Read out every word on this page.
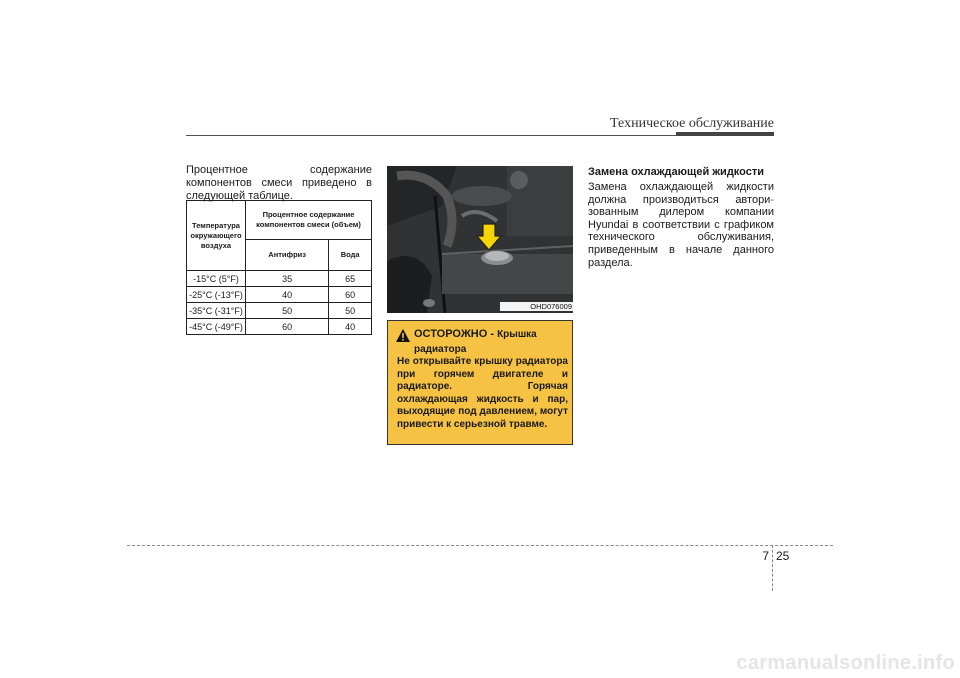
Техническое обслуживание
Процентное содержание компонентов смеси приведено в следующей таблице.
Температура окружающего воздуха	Процентное содержание компонентов смеси (объем)	
	Антифриз	Вода
-15°C (5°F)	35	65
-25°C (-13°F)	40	60
-35°C (-31°F)	50	50
-45°C (-49°F)	60	40
OHD076009
ОСТОРОЖНО - Крышка радиатора
Не открывайте крышку радиатора при горячем двигателе и радиаторе. Горячая охлаждающая жидкость и пар, выходящие под давлением, могут привести к серьезной травме.
Замена охлаждающей жидкости
Замена охлаждающей жидкости должна производиться автори- зованным дилером компании Hyundai в соответствии с графиком технического обслуживания, приведенным в начале данного раздела.
7 25
carmanualsonline.info
